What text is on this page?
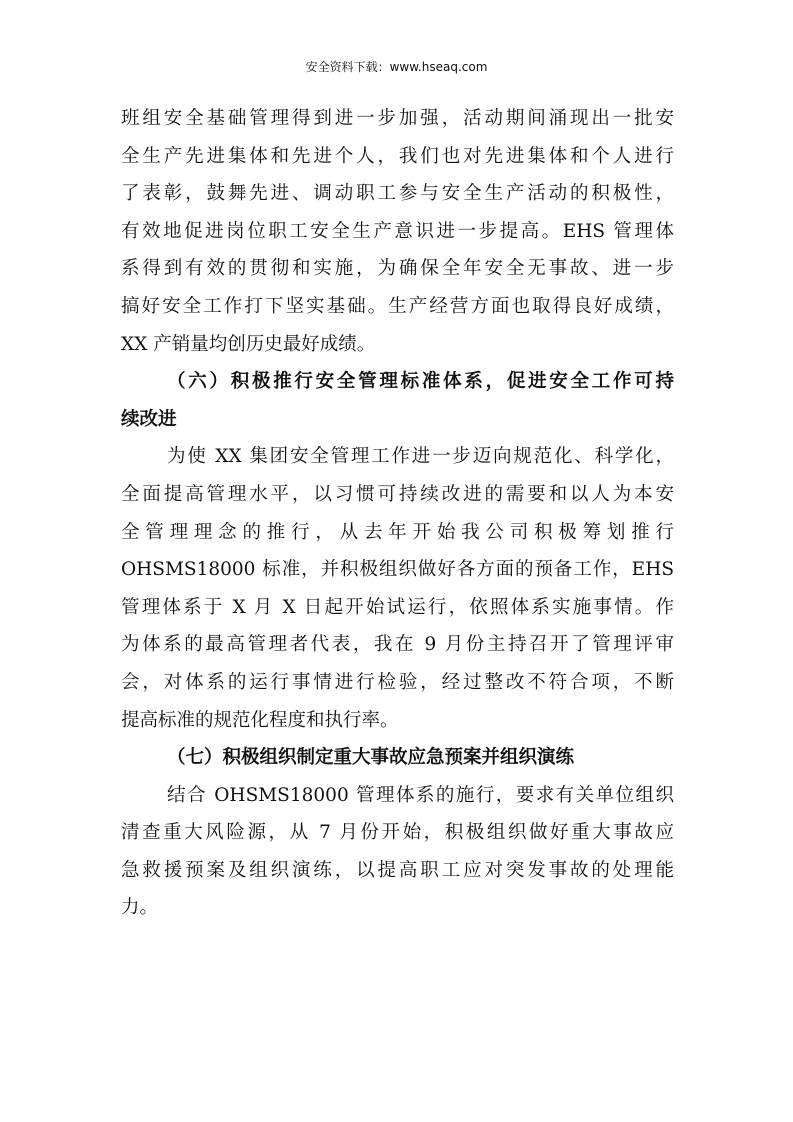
安全资料下载：www.hseaq.com
班组安全基础管理得到进一步加强，活动期间涌现出一批安
全生产先进集体和先进个人，我们也对先进集体和个人进行
了表彰，鼓舞先进、调动职工参与安全生产活动的积极性，
有效地促进岗位职工安全生产意识进一步提高。EHS 管理体
系得到有效的贯彻和实施，为确保全年安全无事故、进一步
搞好安全工作打下坚实基础。生产经营方面也取得良好成绩，
XX 产销量均创历史最好成绩。
（六）积极推行安全管理标准体系，促进安全工作可持
续改进
为使 XX 集团安全管理工作进一步迈向规范化、科学化，
全面提高管理水平，以习惯可持续改进的需要和以人为本安
全管理理念的推行，从去年开始我公司积极筹划推行
OHSMS18000 标准，并积极组织做好各方面的预备工作，EHS
管理体系于 X 月 X 日起开始试运行，依照体系实施事情。作
为体系的最高管理者代表，我在 9 月份主持召开了管理评审
会，对体系的运行事情进行检验，经过整改不符合项，不断
提高标准的规范化程度和执行率。
（七）积极组织制定重大事故应急预案并组织演练
结合 OHSMS18000 管理体系的施行，要求有关单位组织
清查重大风险源，从 7 月份开始，积极组织做好重大事故应
急救援预案及组织演练，以提高职工应对突发事故的处理能
力。
